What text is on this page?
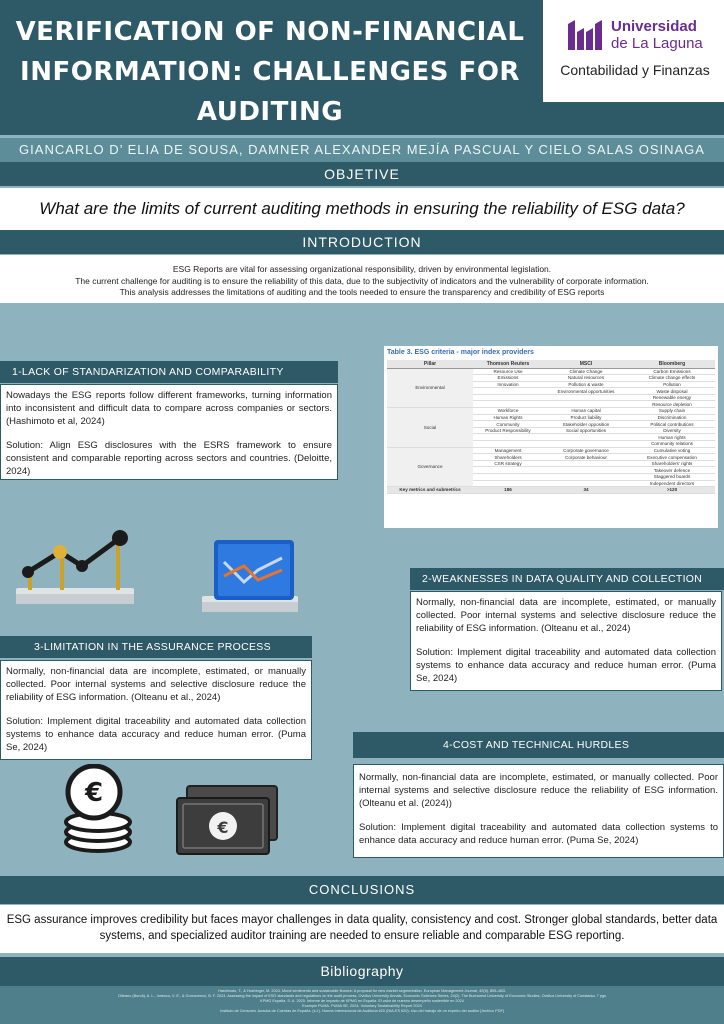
VERIFICATION OF NON-FINANCIAL
INFORMATION: CHALLENGES FOR
AUDITING
Universidad
de La Laguna
Contabilidad y Finanzas
GIANCARLO D’ ELIA DE SOUSA, DAMNER ALEXANDER MEJÍA PASCUAL Y CIELO SALAS OSINAGA
OBJETIVE
What are the limits of current auditing methods in ensuring the reliability of ESG data?
INTRODUCTION
ESG Reports are vital for assessing organizational responsibility, driven by environmental legislation.
The current challenge for auditing is to ensure the reliability of this data, due to the subjectivity of indicators and the vulnerability of corporate information.
This analysis addresses the limitations of auditing and the tools needed to ensure the transparency and credibility of ESG reports
1-LACK OF STANDARIZATION AND COMPARABILITY

Nowadays the ESG reports follow different frameworks, turning information into inconsistent and difficult data to compare across companies or sectors. (Hashimoto et al, 2024)

Solution: Align ESG disclosures with the ESRS framework to ensure consistent and comparable reporting across sectors and countries. (Deloitte, 2024)

Table 3. ESG criteria - major index providers
Pillar	Thomson Reuters	MSCI	Bloomberg
Environmental	Resource Use	Climate Change	Carbon Emissions
	Emissions	Natural resources	Climate change effects
	Innovation	Pollution & waste	Pollution
		Environmental opportunities	Waste disposal
			Renewable energy
			Resource depletion
Social	Workforce	Human capital	Supply chain
	Human Rights	Product liability	Discrimination
	Community	Stakeholder opposition	Political contributions
	Product Responsibility	Social opportunities	Diversity
			Human rights
			Community relations
Governance	Management	Corporate governance	Cumulative voting
	Shareholders	Corporate behaviour	Executive compensation
	CSR strategy		Shareholders' rights
			Takeover defence
			Staggered boards
			Independent directors
Key metrics and submetrics	186	34	>120
2-WEAKNESSES IN DATA QUALITY AND COLLECTION

Normally, non-financial data are incomplete, estimated, or manually collected. Poor internal systems and selective disclosure reduce the reliability of ESG information. (Olteanu et al., 2024)

Solution: Implement digital traceability and automated data collection systems to enhance data accuracy and reduce human error. (Puma Se, 2024)

3-LIMITATION IN THE ASSURANCE PROCESS

Normally, non-financial data are incomplete, estimated, or manually collected. Poor internal systems and selective disclosure reduce the reliability of ESG information. (Olteanu et al., 2024)

Solution: Implement digital traceability and automated data collection systems to enhance data accuracy and reduce human error. (Puma Se, 2024)	4-COST AND TECHNICAL HURDLES

Normally, non-financial data are incomplete, estimated, or manually collected. Poor internal systems and selective disclosure reduce the reliability of ESG information. (Olteanu et al. (2024))

Solution: Implement digital traceability and automated data collection systems to enhance data accuracy and reduce human error. (Puma Se, 2024)

€
€
CONCLUSIONS
ESG assurance improves credibility but faces mayor challenges in data quality, consistency and cost. Stronger global standards, better data systems, and specialized auditor training are needed to ensure reliable and comparable ESG reporting.
Bibliography
Hashimoto, T., & Hoshinger, M. 2024. Moral sentiments and sustainable finance: A proposal for new market segmentation. European Management Journal, 42(6), 855–863.
Olteanu (Burcă), A. L., Ionescu, V. E., & Gumovenco, B. F. 2024. Assessing the impact of ESG standards and regulations on the audit process. Ovidius University Annals, Economic Sciences Series, 24(2). The Bucharest University of Economic Studies, Ovidius University of Constanța. 7 pgs
KPMG España. S. A. 2025. Informe de impacto de KPMG en España. El valor de nuestro desempeño sostenible en 2024
Example PUMA. PUMA SE. 2024. Voluntary Sustainability Report 2024
Instituto de Censores Jurados de Cuentas de España. (s.f.). Norma Internacional de Auditoría 620 (NIA-ES 620): Uso del trabajo de un experto del auditor [Archivo PDF]
